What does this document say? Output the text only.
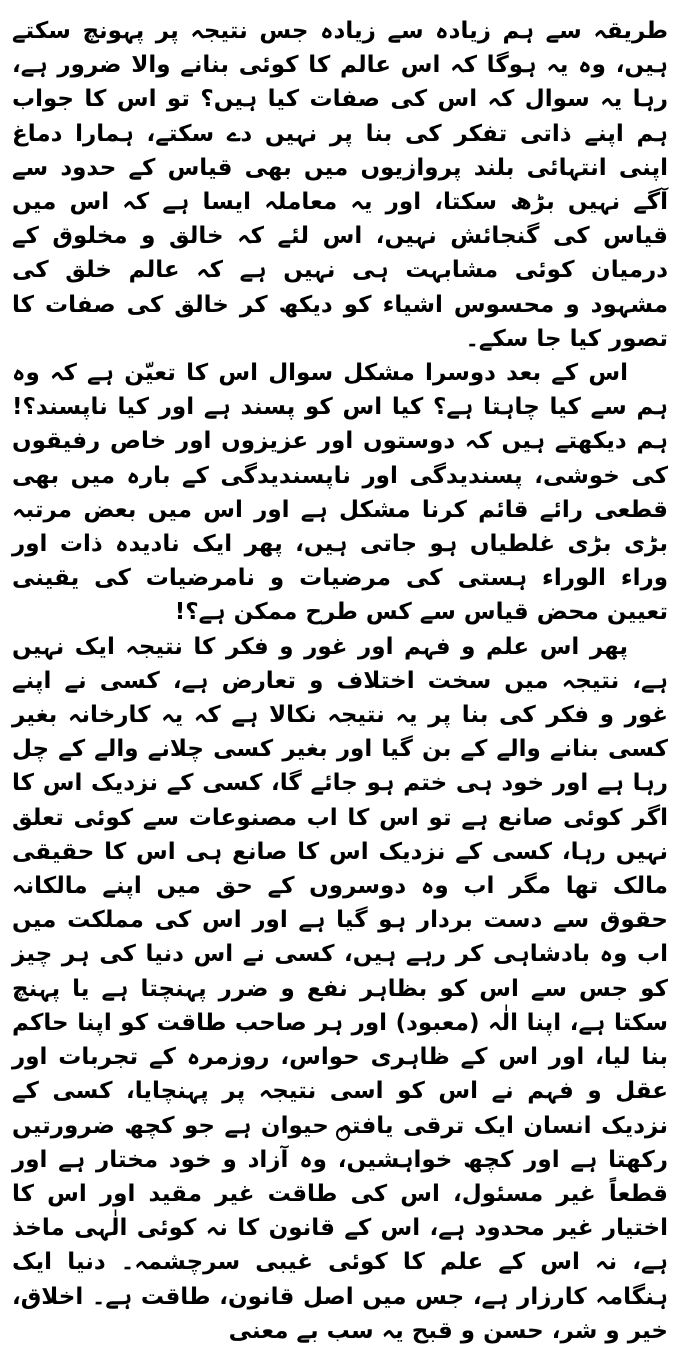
طریقہ سے ہم زیادہ سے زیادہ جس نتیجہ پر پہونچ سکتے ہیں، وہ یہ ہوگا کہ اس عالم کا کوئی بنانے والا ضرور ہے، رہا یہ سوال کہ اس کی صفات کیا ہیں؟ تو اس کا جواب ہم اپنے ذاتی تفکر کی بنا پر نہیں دے سکتے، ہمارا دماغ اپنی انتہائی بلند پروازیوں میں بھی قیاس کے حدود سے آگے نہیں بڑھ سکتا، اور یہ معاملہ ایسا ہے کہ اس میں قیاس کی گنجائش نہیں، اس لئے کہ خالق و مخلوق کے درمیان کوئی مشابہت ہی نہیں ہے کہ عالم خلق کی مشہود و محسوس اشیاء کو دیکھ کر خالق کی صفات کا تصور کیا جا سکے۔

اس کے بعد دوسرا مشکل سوال اس کا تعیّن ہے کہ وہ ہم سے کیا چاہتا ہے؟ کیا اس کو پسند ہے اور کیا ناپسند؟! ہم دیکھتے ہیں کہ دوستوں اور عزیزوں اور خاص رفیقوں کی خوشی، پسندیدگی اور ناپسندیدگی کے بارہ میں بھی قطعی رائے قائم کرنا مشکل ہے اور اس میں بعض مرتبہ بڑی بڑی غلطیاں ہو جاتی ہیں، پھر ایک نادیدہ ذات اور وراء الوراء ہستی کی مرضیات و نامرضیات کی یقینی تعیین محض قیاس سے کس طرح ممکن ہے؟!

پھر اس علم و فہم اور غور و فکر کا نتیجہ ایک نہیں ہے، نتیجہ میں سخت اختلاف و تعارض ہے، کسی نے اپنے غور و فکر کی بنا پر یہ نتیجہ نکالا ہے کہ یہ کارخانہ بغیر کسی بنانے والے کے بن گیا اور بغیر کسی چلانے والے کے چل رہا ہے اور خود ہی ختم ہو جائے گا، کسی کے نزدیک اس کا اگر کوئی صانع ہے تو اس کا اب مصنوعات سے کوئی تعلق نہیں رہا، کسی کے نزدیک اس کا صانع ہی اس کا حقیقی مالک تھا مگر اب وہ دوسروں کے حق میں اپنے مالکانہ حقوق سے دست بردار ہو گیا ہے اور اس کی مملکت میں اب وہ بادشاہی کر رہے ہیں، کسی نے اس دنیا کی ہر چیز کو جس سے اس کو بظاہر نفع و ضرر پہنچتا ہے یا پہنچ سکتا ہے، اپنا الٰہ (معبود) اور ہر صاحب طاقت کو اپنا حاکم بنا لیا، اور اس کے ظاہری حواس، روزمرہ کے تجربات اور عقل و فہم نے اس کو اسی نتیجہ پر پہنچایا، کسی کے نزدیک انسان ایک ترقی یافتہ حیوان ہے جو کچھ ضرورتیں رکھتا ہے اور کچھ خواہشیں، وہ آزاد و خود مختار ہے اور قطعاً غیر مسئول، اس کی طاقت غیر مقید اور اس کا اختیار غیر محدود ہے، اس کے قانون کا نہ کوئی الٰہی ماخذ ہے، نہ اس کے علم کا کوئی غیبی سرچشمہ۔ دنیا ایک ہنگامہ کارزار ہے، جس میں اصل قانون، طاقت ہے۔ اخلاق، خیر و شر، حسن و قبح یہ سب بے معنی
